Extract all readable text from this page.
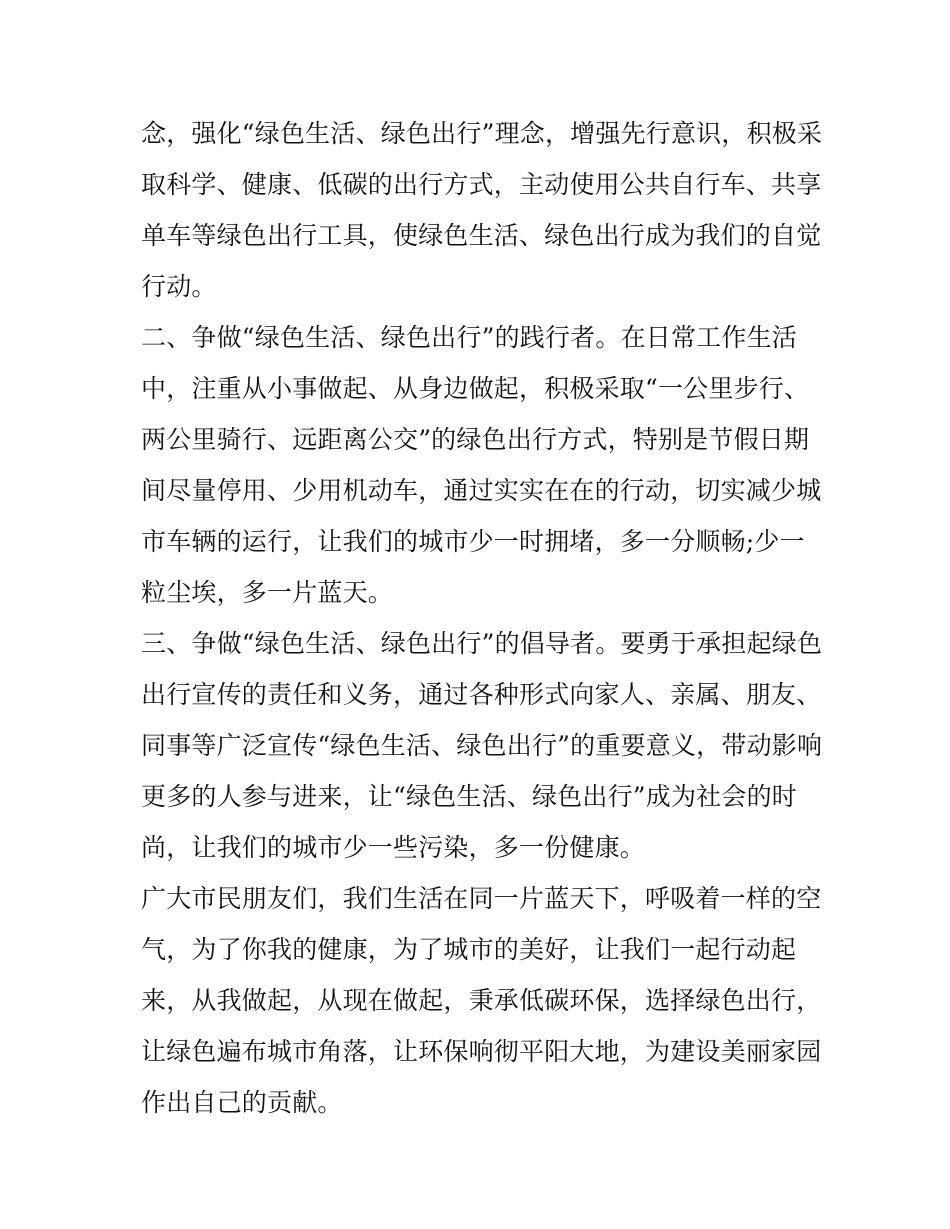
念，强化“绿色生活、绿色出行”理念，增强先行意识，积极采
取科学、健康、低碳的出行方式，主动使用公共自行车、共享
单车等绿色出行工具，使绿色生活、绿色出行成为我们的自觉
行动。
二、争做“绿色生活、绿色出行”的践行者。在日常工作生活
中，注重从小事做起、从身边做起，积极采取“一公里步行、
两公里骑行、远距离公交”的绿色出行方式，特别是节假日期
间尽量停用、少用机动车，通过实实在在的行动，切实减少城
市车辆的运行，让我们的城市少一时拥堵，多一分顺畅;少一
粒尘埃，多一片蓝天。
三、争做“绿色生活、绿色出行”的倡导者。要勇于承担起绿色
出行宣传的责任和义务，通过各种形式向家人、亲属、朋友、
同事等广泛宣传“绿色生活、绿色出行”的重要意义，带动影响
更多的人参与进来，让“绿色生活、绿色出行”成为社会的时
尚，让我们的城市少一些污染，多一份健康。
广大市民朋友们，我们生活在同一片蓝天下，呼吸着一样的空
气，为了你我的健康，为了城市的美好，让我们一起行动起
来，从我做起，从现在做起，秉承低碳环保，选择绿色出行，
让绿色遍布城市角落，让环保响彻平阳大地，为建设美丽家园
作出自己的贡献。
